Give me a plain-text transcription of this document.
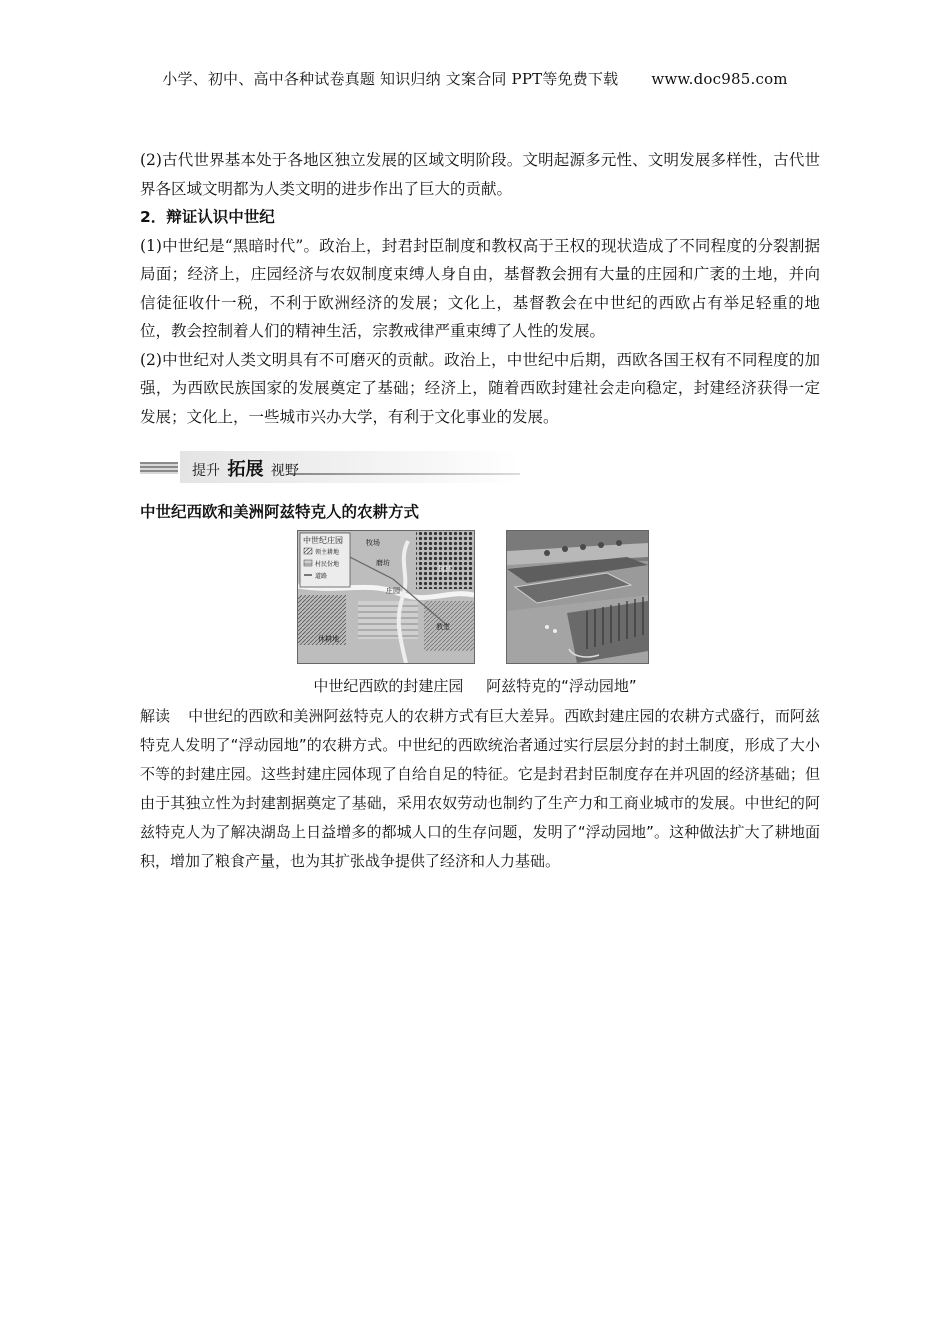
小学、初中、高中各种试卷真题 知识归纳 文案合同 PPT等免费下载 www.doc985.com

(2)古代世界基本处于各地区独立发展的区域文明阶段。文明起源多元性、文明发展多样性，古代世界各区域文明都为人类文明的进步作出了巨大的贡献。

2．辩证认识中世纪

(1)中世纪是“黑暗时代”。政治上，封君封臣制度和教权高于王权的现状造成了不同程度的分裂割据局面；经济上，庄园经济与农奴制度束缚人身自由，基督教会拥有大量的庄园和广袤的土地，并向信徒征收什一税，不利于欧洲经济的发展；文化上，基督教会在中世纪的西欧占有举足轻重的地位，教会控制着人们的精神生活，宗教戒律严重束缚了人性的发展。

(2)中世纪对人类文明具有不可磨灭的贡献。政治上，中世纪中后期，西欧各国王权有不同程度的加强，为西欧民族国家的发展奠定了基础；经济上，随着西欧封建社会走向稳定，封建经济获得一定发展；文化上，一些城市兴办大学，有利于文化事业的发展。

提升 拓展 视野
中世纪西欧和美洲阿兹特克人的农耕方式
中世纪庄园
领主耕地
村民份地
道路
牧场
磨坊
教堂
休耕地
庄园
树林
中世纪西欧的封建庄园 阿兹特克的“浮动园地”
解读 中世纪的西欧和美洲阿兹特克人的农耕方式有巨大差异。西欧封建庄园的农耕方式盛行，而阿兹特克人发明了“浮动园地”的农耕方式。中世纪的西欧统治者通过实行层层分封的封土制度，形成了大小不等的封建庄园。这些封建庄园体现了自给自足的特征。它是封君封臣制度存在并巩固的经济基础；但由于其独立性为封建割据奠定了基础，采用农奴劳动也制约了生产力和工商业城市的发展。中世纪的阿兹特克人为了解决湖岛上日益增多的都城人口的生存问题，发明了“浮动园地”。这种做法扩大了耕地面积，增加了粮食产量，也为其扩张战争提供了经济和人力基础。
